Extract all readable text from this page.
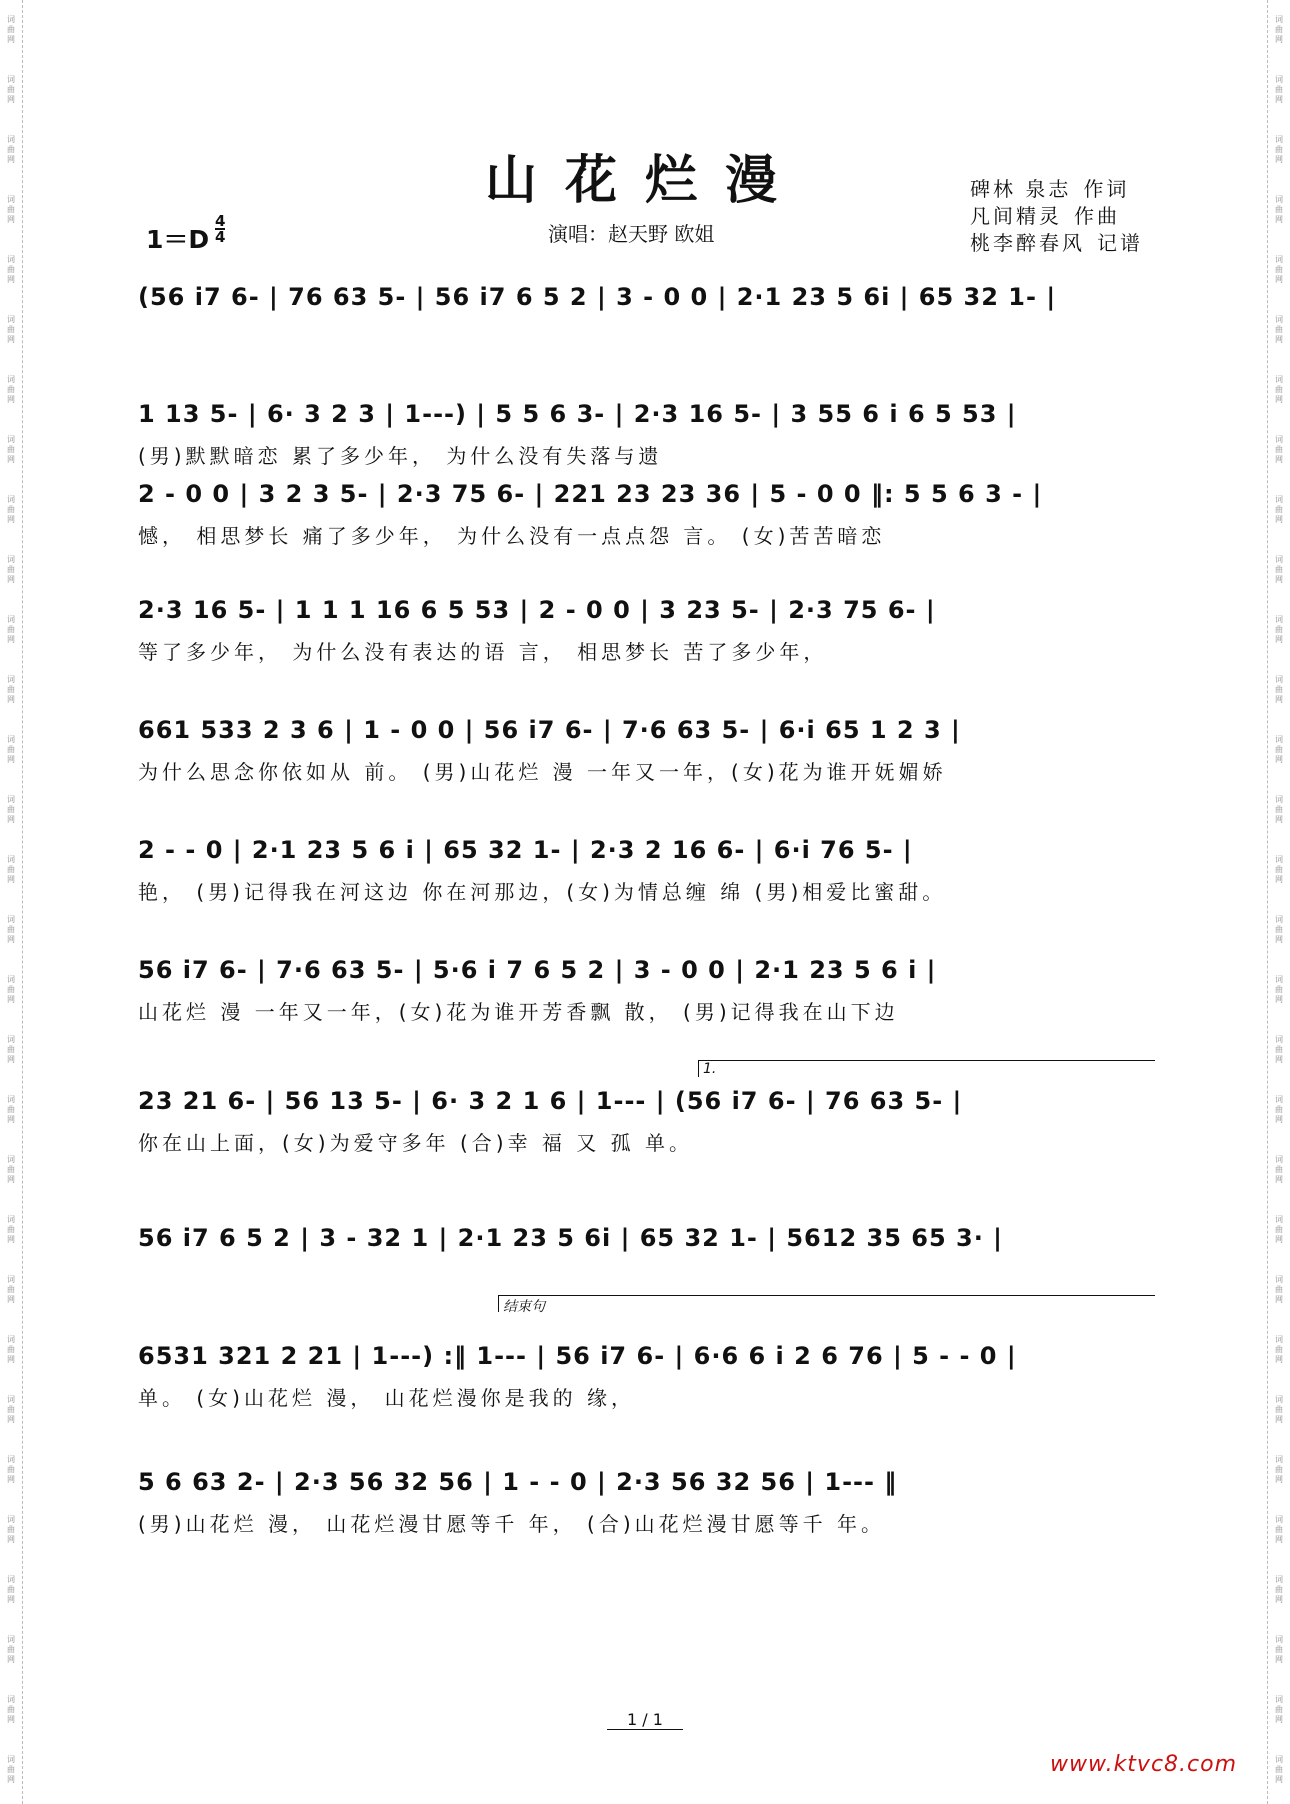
词
曲
网
词
曲
网
词
曲
网
词
曲
网
词
曲
网
词
曲
网
词
曲
网
词
曲
网
词
曲
网
词
曲
网
词
曲
网
词
曲
网
词
曲
网
词
曲
网
词
曲
网
词
曲
网
词
曲
网
词
曲
网
词
曲
网
词
曲
网
词
曲
网
词
曲
网
词
曲
网
词
曲
网
词
曲
网
词
曲
网
词
曲
网
词
曲
网
词
曲
网
词
曲
网
词
曲
网
词
曲
网
词
曲
网
词
曲
网
词
曲
网
词
曲
网
词
曲
网
词
曲
网
词
曲
网
词
曲
网
词
曲
网
词
曲
网
词
曲
网
词
曲
网
词
曲
网
词
曲
网
词
曲
网
词
曲
网
词
曲
网
词
曲
网
词
曲
网
词
曲
网
词
曲
网
词
曲
网
词
曲
网
词
曲
网
词
曲
网
词
曲
网
词
曲
网
词
曲
网
山花烂漫	碑林 泉志 作词
凡间精灵 作曲
桃李醉春风 记谱
演唱：赵天野 欧姐
1＝D
4
4
(56 i7 6- | 76 63 5- | 56 i7 6 5 2 | 3 - 0 0 | 2·1 23 5 6i | 65 32 1- |
1 13 5- | 6· 3 2 3 | 1---) | 5 5 6 3- | 2·3 16 5- | 3 55 6 i 6 5 53 |
(男)默默暗恋 累了多少年， 为什么没有失落与遗
2 - 0 0 | 3 2 3 5- | 2·3 75 6- | 221 23 23 36 | 5 - 0 0 ‖: 5 5 6 3 - |
憾， 相思梦长 痛了多少年， 为什么没有一点点怨 言。 (女)苦苦暗恋
2·3 16 5- | 1 1 1 16 6 5 53 | 2 - 0 0 | 3 23 5- | 2·3 75 6- |
等了多少年， 为什么没有表达的语 言， 相思梦长 苦了多少年，
661 533 2 3 6 | 1 - 0 0 | 56 i7 6- | 7·6 63 5- | 6·i 65 1 2 3 |
为什么思念你依如从 前。 (男)山花烂 漫 一年又一年，(女)花为谁开妩媚娇
2 - - 0 | 2·1 23 5 6 i | 65 32 1- | 2·3 2 16 6- | 6·i 76 5- |
艳， (男)记得我在河这边 你在河那边，(女)为情总缠 绵 (男)相爱比蜜甜。
56 i7 6- | 7·6 63 5- | 5·6 i 7 6 5 2 | 3 - 0 0 | 2·1 23 5 6 i |
山花烂 漫 一年又一年，(女)花为谁开芳香飘 散， (男)记得我在山下边
23 21 6- | 56 13 5- | 6· 3 2 1 6 | 1--- | (56 i7 6- | 76 63 5- |
你在山上面，(女)为爱守多年 (合)幸 福 又 孤 单。
56 i7 6 5 2 | 3 - 32 1 | 2·1 23 5 6i | 65 32 1- | 5612 35 65 3· |
6531 321 2 21 | 1---) :‖ 1--- | 56 i7 6- | 6·6 6 i 2 6 76 | 5 - - 0 |
单。 (女)山花烂 漫， 山花烂漫你是我的 缘，
5 6 63 2- | 2·3 56 32 56 | 1 - - 0 | 2·3 56 32 56 | 1--- ‖
(男)山花烂 漫， 山花烂漫甘愿等千 年， (合)山花烂漫甘愿等千 年。
1.
结束句
1 / 1
www.ktvc8.com
